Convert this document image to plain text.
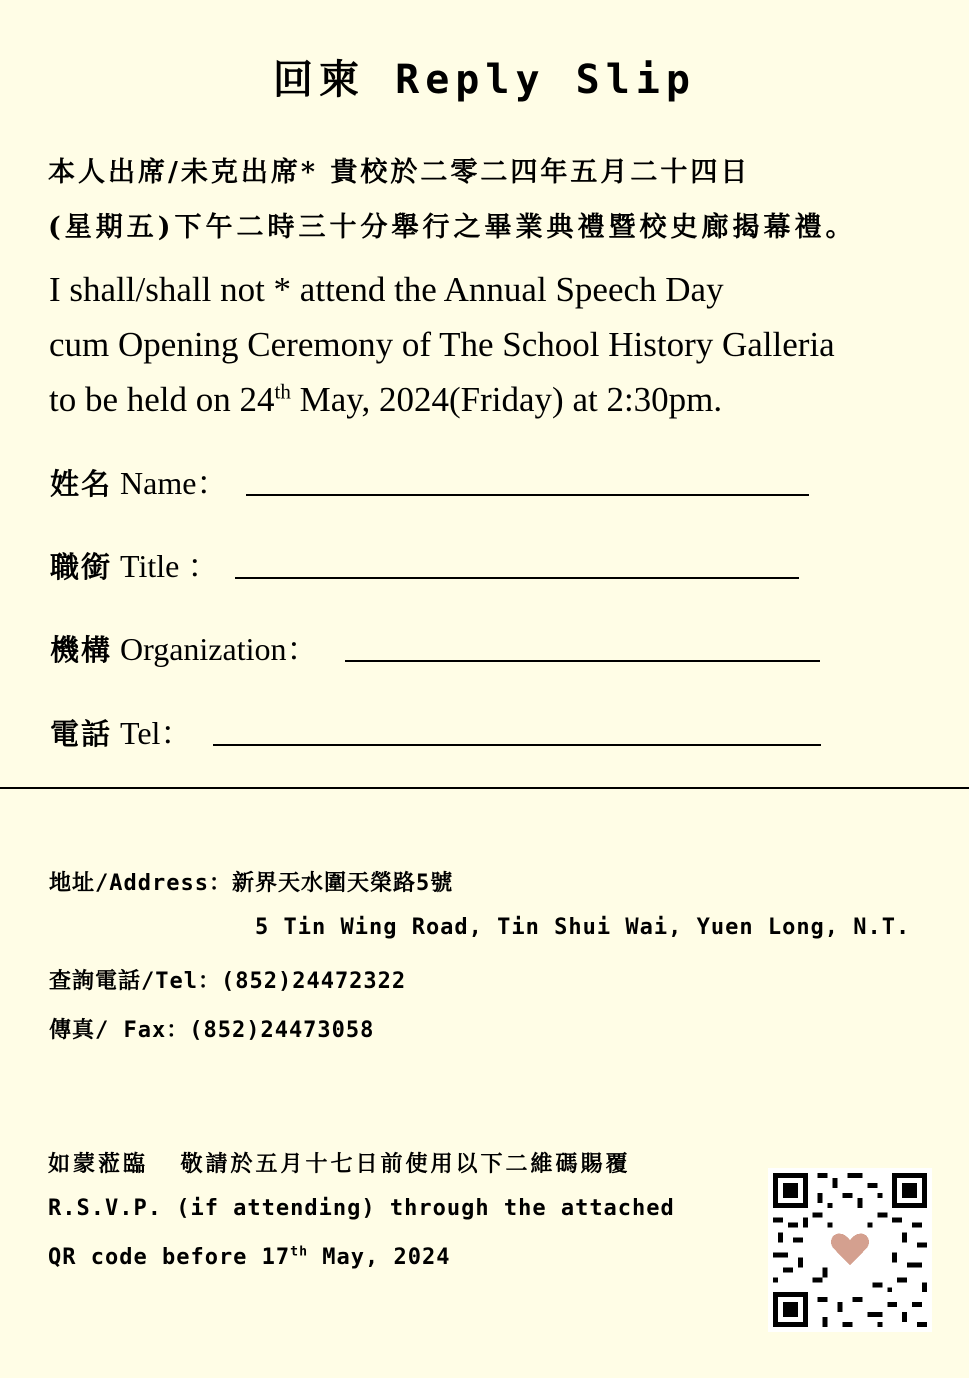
回柬 Reply Slip
本人出席/未克出席* 貴校於二零二四年五月二十四日
(星期五)下午二時三十分舉行之畢業典禮暨校史廊揭幕禮。
I shall/shall not * attend the Annual Speech Day
cum Opening Ceremony of The School History Galleria
to be held on 24th May, 2024(Friday) at 2:30pm.
姓名 Name：
職銜 Title ：
機構 Organization：
電話 Tel：
地址/Address：新界天水圍天榮路5號
5 Tin Wing Road, Tin Shui Wai, Yuen Long, N.T.
查詢電話/Tel：(852)24472322
傳真/ Fax：(852)24473058
如蒙蒞臨  敬請於五月十七日前使用以下二維碼賜覆
R.S.V.P. (if attending) through the attached
QR code before 17th May, 2024
